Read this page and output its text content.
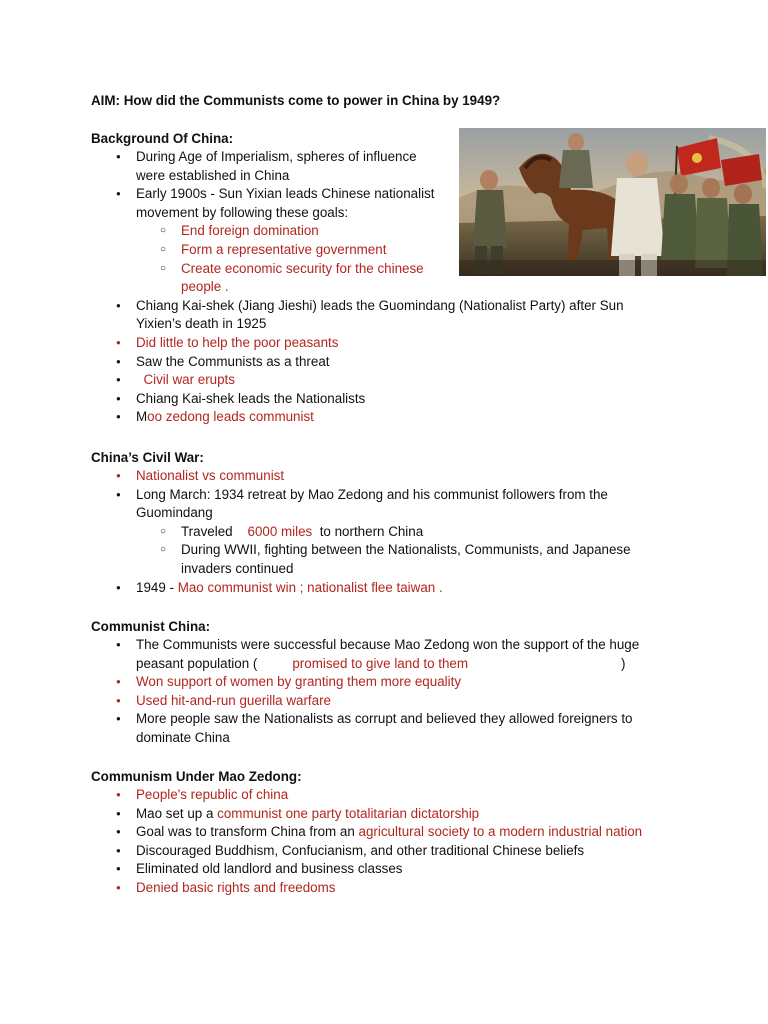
AIM: How did the Communists come to power in China by 1949?
Background Of China:
● During Age of Imperialism, spheres of influence
were established in China
● Early 1900s - Sun Yixian leads Chinese nationalist
movement by following these goals:
○ End foreign domination
○ Form a representative government
○ Create economic security for the chinese
people .
● Chiang Kai-shek (Jiang Jieshi) leads the Guomindang (Nationalist Party) after Sun
Yixien’s death in 1925
● Did little to help the poor peasants
● Saw the Communists as a threat
●   Civil war erupts
● Chiang Kai-shek leads the Nationalists
● Moo zedong leads communist
China’s Civil War:
● Nationalist vs communist
● Long March: 1934 retreat by Mao Zedong and his communist followers from the
Guomindang
○ Traveled    6000 miles  to northern China
○ During WWII, fighting between the Nationalists, Communists, and Japanese
invaders continued
● 1949 - Mao communist win ; nationalist flee taiwan .
Communist China:
● The Communists were successful because Mao Zedong won the support of the huge
peasant population (	promised to give land to them	)
● Won support of women by granting them more equality
● Used hit-and-run guerilla warfare
● More people saw the Nationalists as corrupt and believed they allowed foreigners to
dominate China
Communism Under Mao Zedong:
● People's republic of china
● Mao set up a communist one party totalitarian dictatorship
● Goal was to transform China from an agricultural society to a modern industrial nation
● Discouraged Buddhism, Confucianism, and other traditional Chinese beliefs
● Eliminated old landlord and business classes
● Denied basic rights and freedoms
